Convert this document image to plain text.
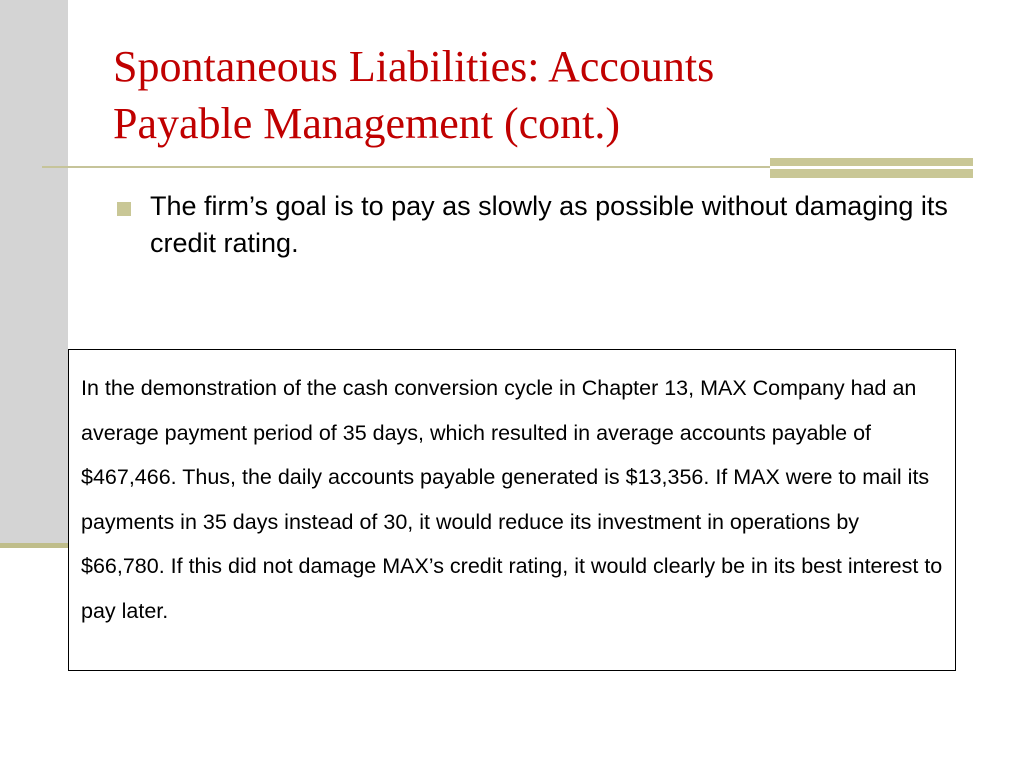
Spontaneous Liabilities: Accounts
Payable Management (cont.)
The firm’s goal is to pay as slowly as possible without damaging its credit rating.

In the demonstration of the cash conversion cycle in Chapter 13, MAX Company had an average payment period of 35 days, which resulted in average accounts payable of $467,466. Thus, the daily accounts payable generated is $13,356. If MAX were to mail its payments in 35 days instead of 30, it would reduce its investment in operations by $66,780. If this did not damage MAX’s credit rating, it would clearly be in its best interest to pay later.
